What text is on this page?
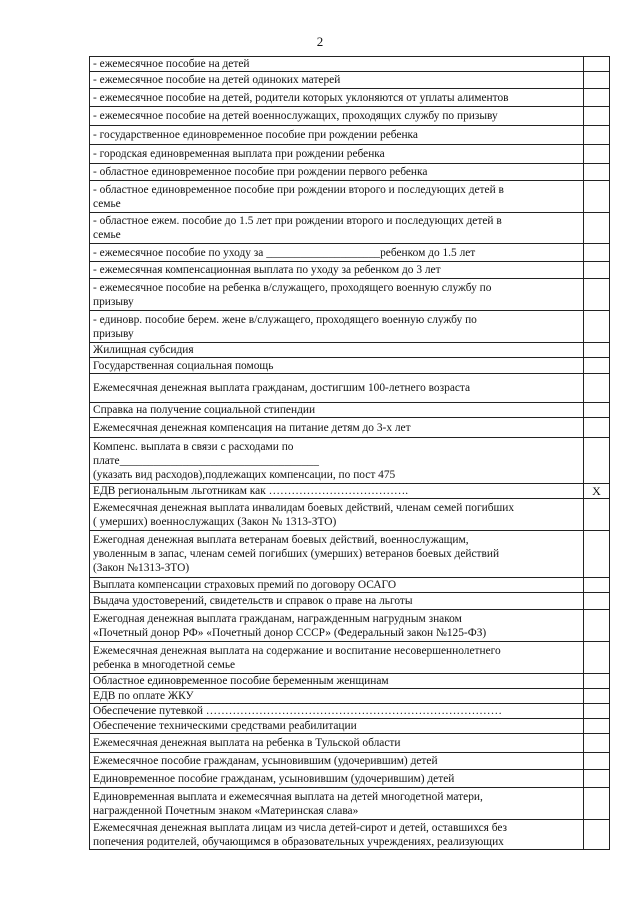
2
- ежемесячное пособие на детей	

- ежемесячное пособие на детей одиноких матерей	

- ежемесячное пособие на детей, родители которых уклоняются от уплаты алиментов	

- ежемесячное пособие на детей военнослужащих, проходящих службу по призыву	

- государственное единовременное пособие при рождении ребенка	

- городская единовременная выплата при рождении ребенка	

- областное единовременное пособие при рождении первого ребенка	

- областное единовременное пособие при рождении второго и последующих детей в
семье	

- областное ежем. пособие до 1.5 лет при рождении второго и последующих детей в
семье	

- ежемесячное пособие по уходу за ____________________ребенком до 1.5 лет	

- ежемесячная компенсационная выплата по уходу за ребенком до 3 лет	

- ежемесячное пособие на ребенка в/служащего, проходящего военную службу по
призыву	

- единовр. пособие берем. жене в/служащего, проходящего военную службу по
призыву	

Жилищная субсидия	

Государственная социальная помощь	

Ежемесячная денежная выплата гражданам, достигшим 100-летнего возраста	

Справка на получение социальной стипендии	

Ежемесячная денежная компенсация на питание детям до 3-х лет	

Компенс. выплата в связи с расходами по
плате___________________________________
(указать вид расходов),подлежащих компенсации, по пост 475	

ЕДВ региональным льготникам как ……………………………….	X

Ежемесячная денежная выплата инвалидам боевых действий, членам семей погибших
( умерших) военнослужащих (Закон № 1313-ЗТО)	

Ежегодная денежная выплата ветеранам боевых действий, военнослужащим,
уволенным в запас, членам семей погибших (умерших) ветеранов боевых действий
(Закон №1313-ЗТО)	

Выплата компенсации страховых премий по договору ОСАГО	

Выдача удостоверений, свидетельств и справок о праве на льготы	

Ежегодная денежная выплата гражданам, награжденным нагрудным знаком
«Почетный донор РФ» «Почетный донор СССР» (Федеральный закон №125-ФЗ)	

Ежемесячная денежная выплата на содержание и воспитание несовершеннолетнего
ребенка в многодетной семье	

Областное единовременное пособие беременным женщинам	

ЕДВ по оплате ЖКУ	

Обеспечение путевкой ……………………………………………………………………	

Обеспечение техническими средствами реабилитации	

Ежемесячная денежная выплата на ребенка в Тульской области	

Ежемесячное пособие гражданам, усыновившим (удочерившим) детей	

Единовременное пособие гражданам, усыновившим (удочерившим) детей	

Единовременная выплата и ежемесячная выплата на детей многодетной матери,
награжденной Почетным знаком «Материнская слава»	

Ежемесячная денежная выплата лицам из числа детей-сирот и детей, оставшихся без
попечения родителей, обучающимся в образовательных учреждениях, реализующих	
